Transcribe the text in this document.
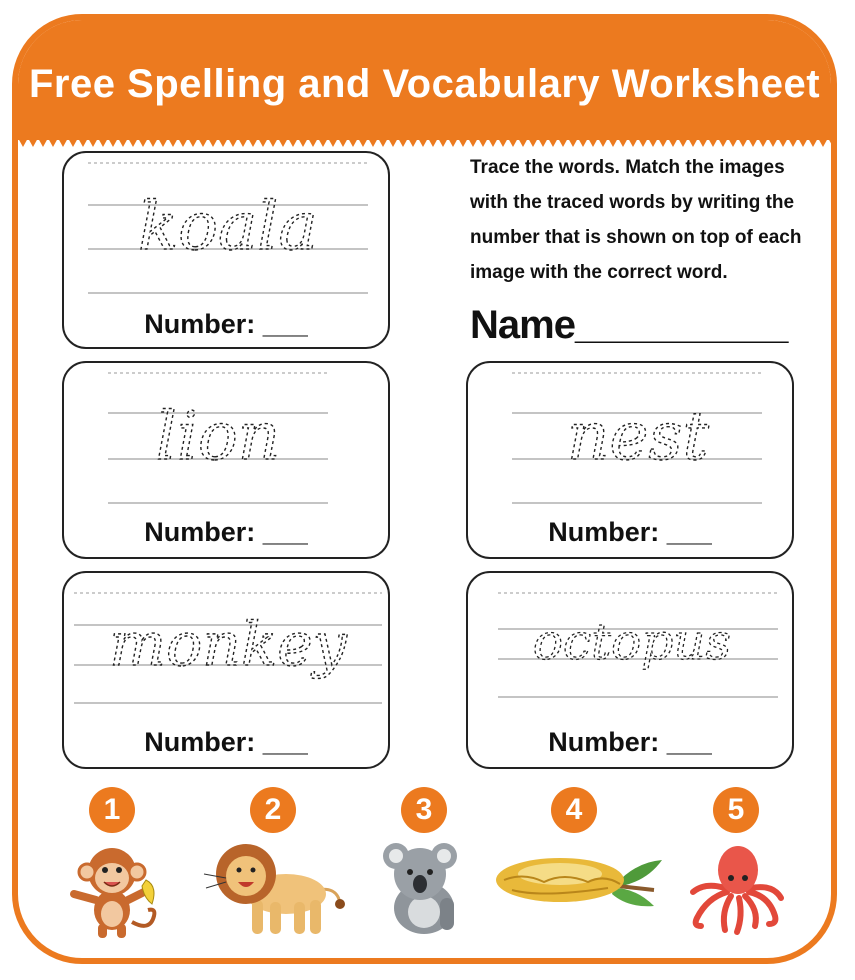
Free Spelling and Vocabulary Worksheet
koala
Number: ___
lion
Number: ___
nest
Number: ___
monkey
Number: ___
octopus
Number: ___
Trace the words. Match the images with the traced words by writing the number that is shown on top of each image with the correct word.
Name__________
1	2	3	4	5
